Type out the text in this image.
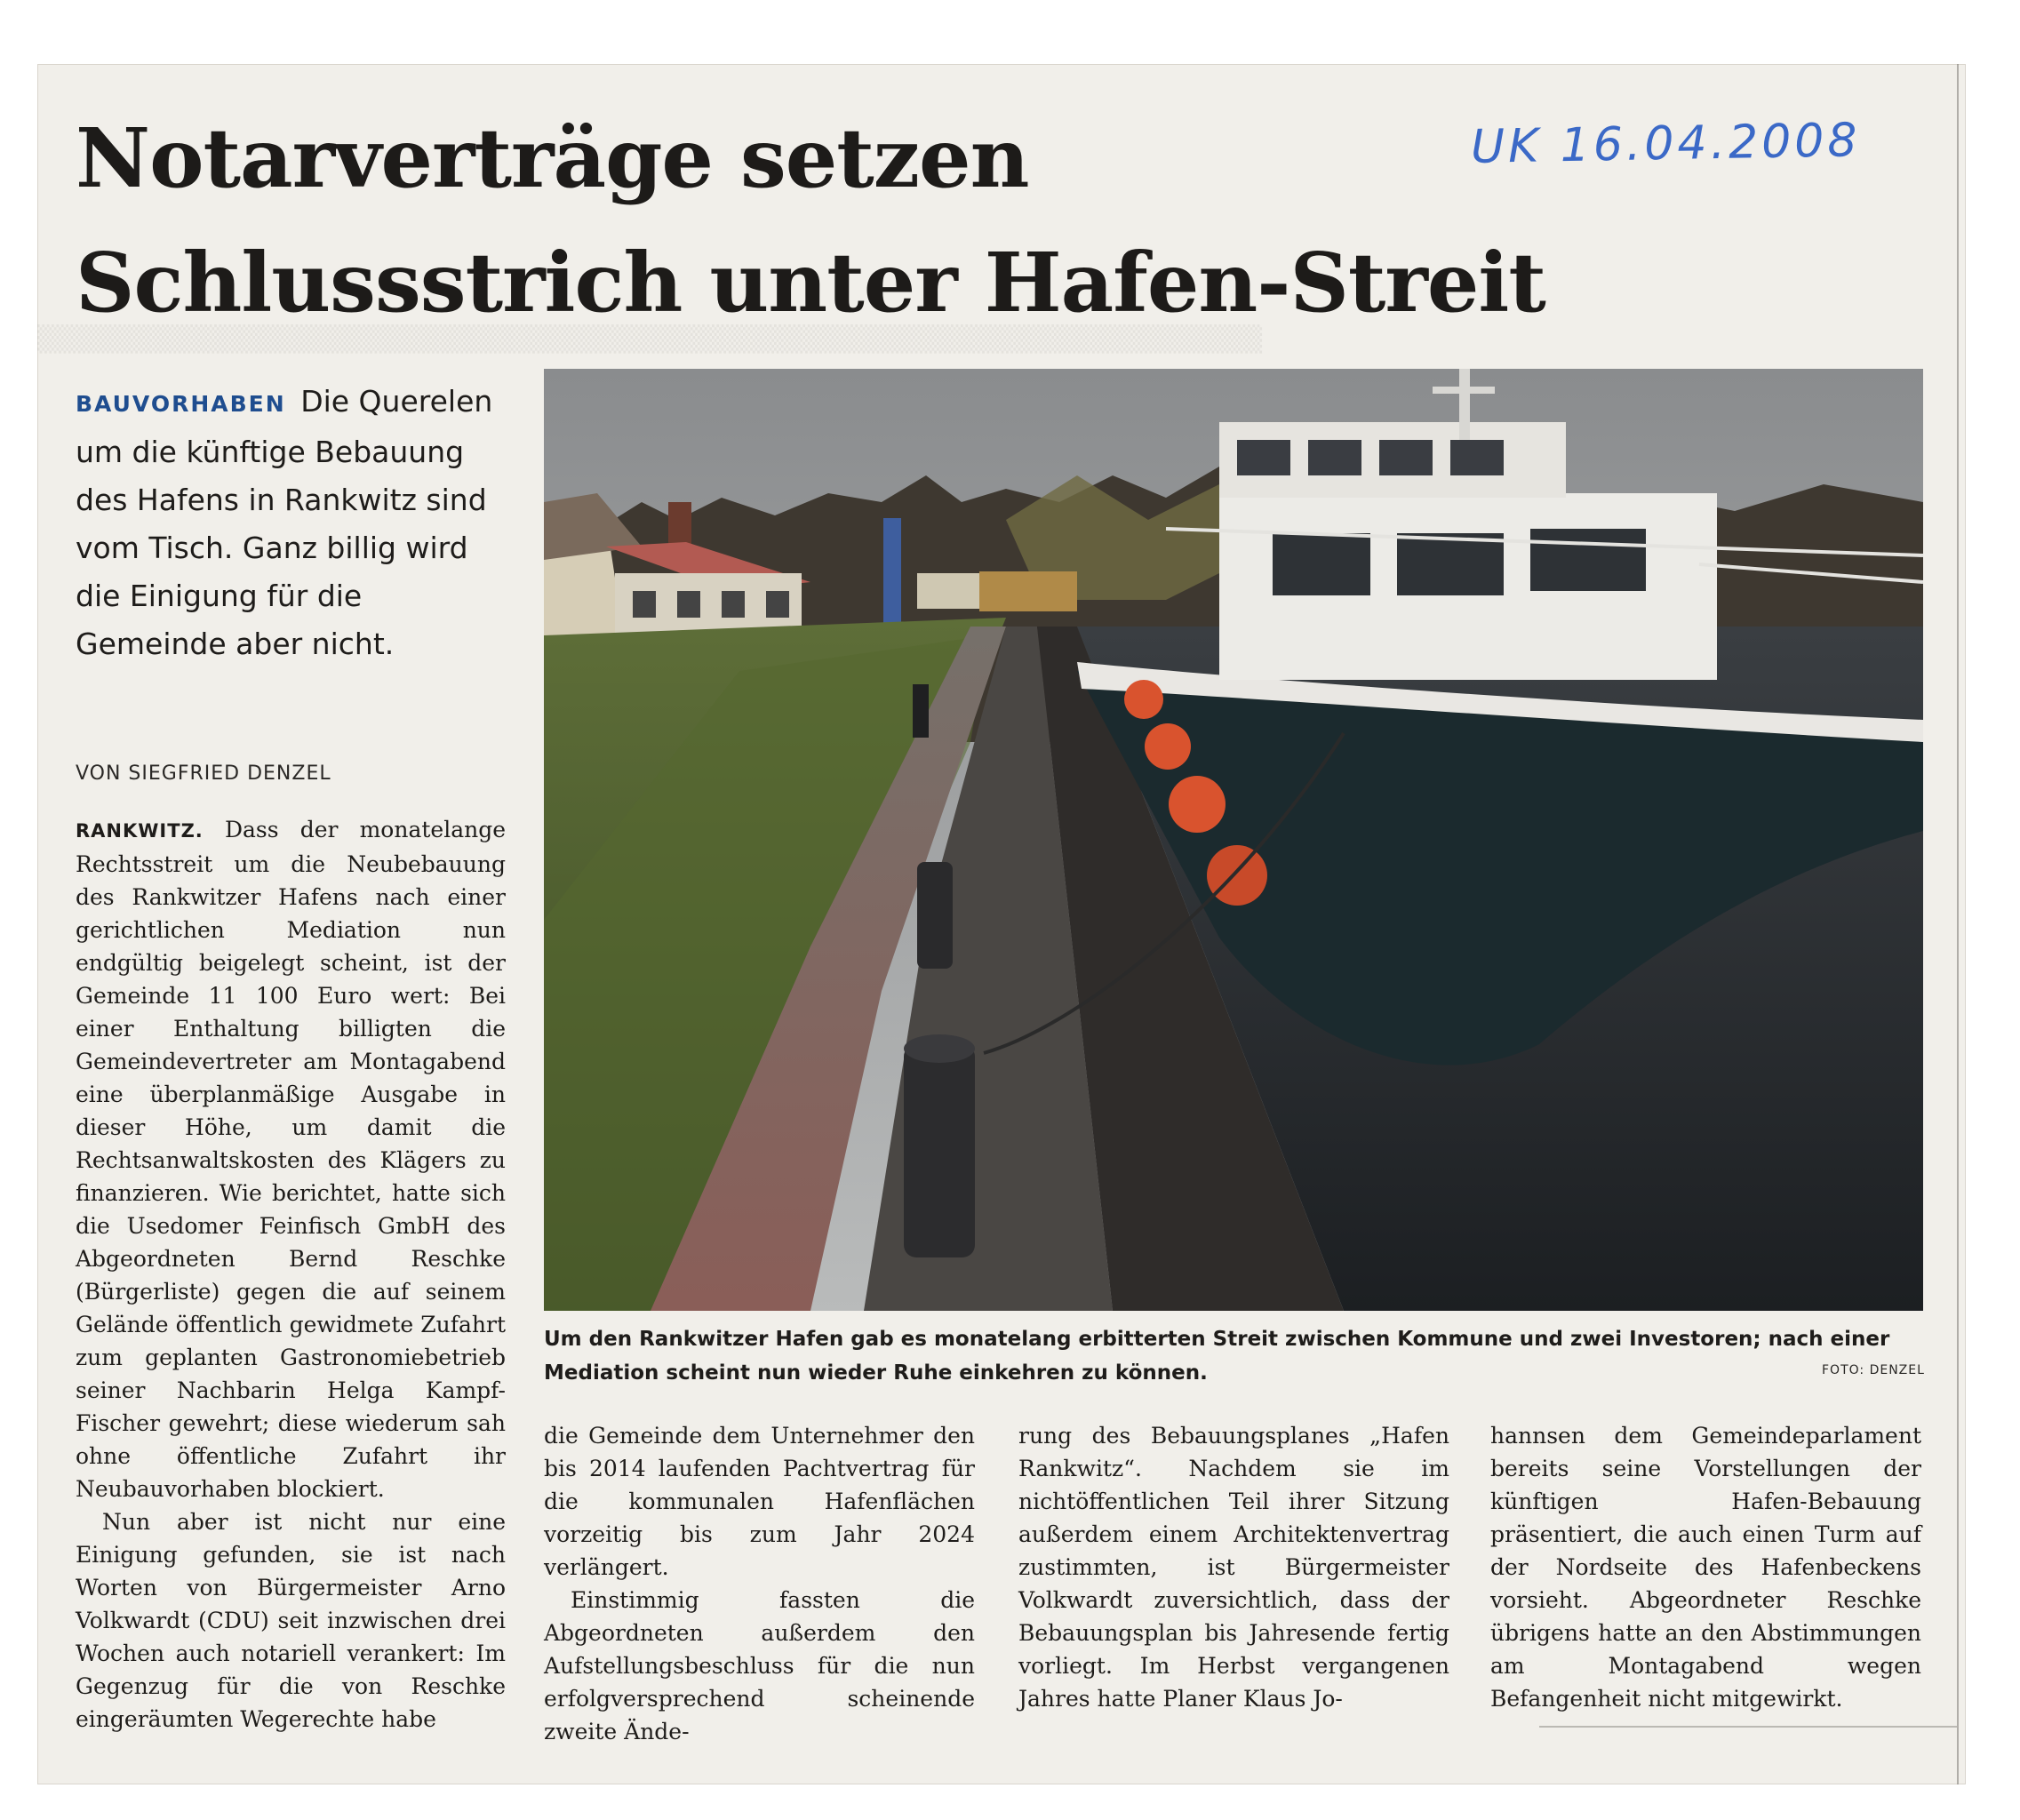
▒▒▒▒▒▒▒▒▒▒▒▒▒▒▒▒▒▒▒▒▒▒▒▒▒▒▒▒▒▒▒▒▒▒▒▒▒▒▒▒▒▒▒▒▒▒▒▒▒▒▒▒▒▒▒▒▒▒▒▒▒▒▒▒
Notarverträge setzen
Schlussstrich unter Hafen-Streit
UK 16.04.2008
BAUVORHABEN Die Querelen um die künftige Bebauung des Hafens in Rankwitz sind vom Tisch. Ganz billig wird die Einigung für die Gemeinde aber nicht.
VON SIEGFRIED DENZEL

RANKWITZ. Dass der monatelange Rechtsstreit um die Neubebauung des Rankwitzer Hafens nach einer gerichtlichen Mediation nun endgültig beigelegt scheint, ist der Gemeinde 11 100 Euro wert: Bei einer Enthaltung billigten die Gemeindevertreter am Montagabend eine überplanmäßige Ausgabe in dieser Höhe, um damit die Rechtsanwaltskosten des Klägers zu finanzieren. Wie berichtet, hatte sich die Usedomer Feinfisch GmbH des Abgeordneten Bernd Reschke (Bürgerliste) gegen die auf seinem Gelände öffentlich gewidmete Zufahrt zum geplanten Gastronomiebetrieb seiner Nachbarin Helga Kampf-Fischer gewehrt; diese wiederum sah ohne öffentliche Zufahrt ihr Neubauvorhaben blockiert.

Nun aber ist nicht nur eine Einigung gefunden, sie ist nach Worten von Bürgermeister Arno Volkwardt (CDU) seit inzwischen drei Wochen auch notariell verankert: Im Gegenzug für die von Reschke eingeräumten Wegerechte habe

Um den Rankwitzer Hafen gab es monatelang erbitterten Streit zwischen Kommune und zwei Investoren; nach einer Mediation scheint nun wieder Ruhe einkehren zu können.	FOTO: DENZEL

die Gemeinde dem Unternehmer den bis 2014 laufenden Pachtvertrag für die kommunalen Hafenflächen vorzeitig bis zum Jahr 2024 verlängert.

Einstimmig fassten die Abgeordneten außerdem den Aufstellungsbeschluss für die nun erfolgversprechend scheinende zweite Ände-

rung des Bebauungsplanes „Hafen Rankwitz“. Nachdem sie im nichtöffentlichen Teil ihrer Sitzung außerdem einem Architektenvertrag zustimmten, ist Bürgermeister Volkwardt zuversichtlich, dass der Bebauungsplan bis Jahresende fertig vorliegt. Im Herbst vergangenen Jahres hatte Planer Klaus Jo-

hannsen dem Gemeindeparlament bereits seine Vorstellungen der künftigen Hafen-Bebauung präsentiert, die auch einen Turm auf der Nordseite des Hafenbeckens vorsieht. Abgeordneter Reschke übrigens hatte an den Abstimmungen am Montagabend wegen Befangenheit nicht mitgewirkt.
